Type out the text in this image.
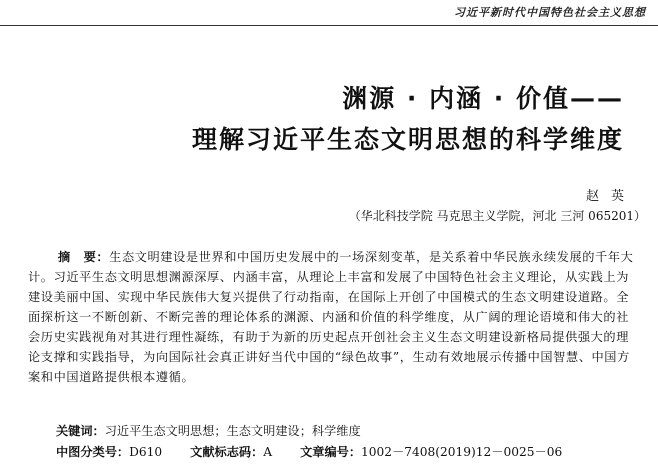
习近平新时代中国特色社会主义思想
渊源 · 内涵 · 价值——
理解习近平生态文明思想的科学维度
赵英
（华北科技学院 马克思主义学院，河北 三河 065201）

摘　要：生态文明建设是世界和中国历史发展中的一场深刻变革，是关系着中华民族永续发展的千年大计。习近平生态文明思想渊源深厚、内涵丰富，从理论上丰富和发展了中国特色社会主义理论，从实践上为建设美丽中国、实现中华民族伟大复兴提供了行动指南，在国际上开创了中国模式的生态文明建设道路。全面探析这一不断创新、不断完善的理论体系的渊源、内涵和价值的科学维度，从广阔的理论语境和伟大的社会历史实践视角对其进行理性凝练，有助于为新的历史起点开创社会主义生态文明建设新格局提供强大的理论支撑和实践指导，为向国际社会真正讲好当代中国的“绿色故事”，生动有效地展示传播中国智慧、中国方案和中国道路提供根本遵循。

关键词：习近平生态文明思想；生态文明建设；科学维度

中图分类号：D610 文献标志码：A 文章编号：1002－7408(2019)12－0025－06
